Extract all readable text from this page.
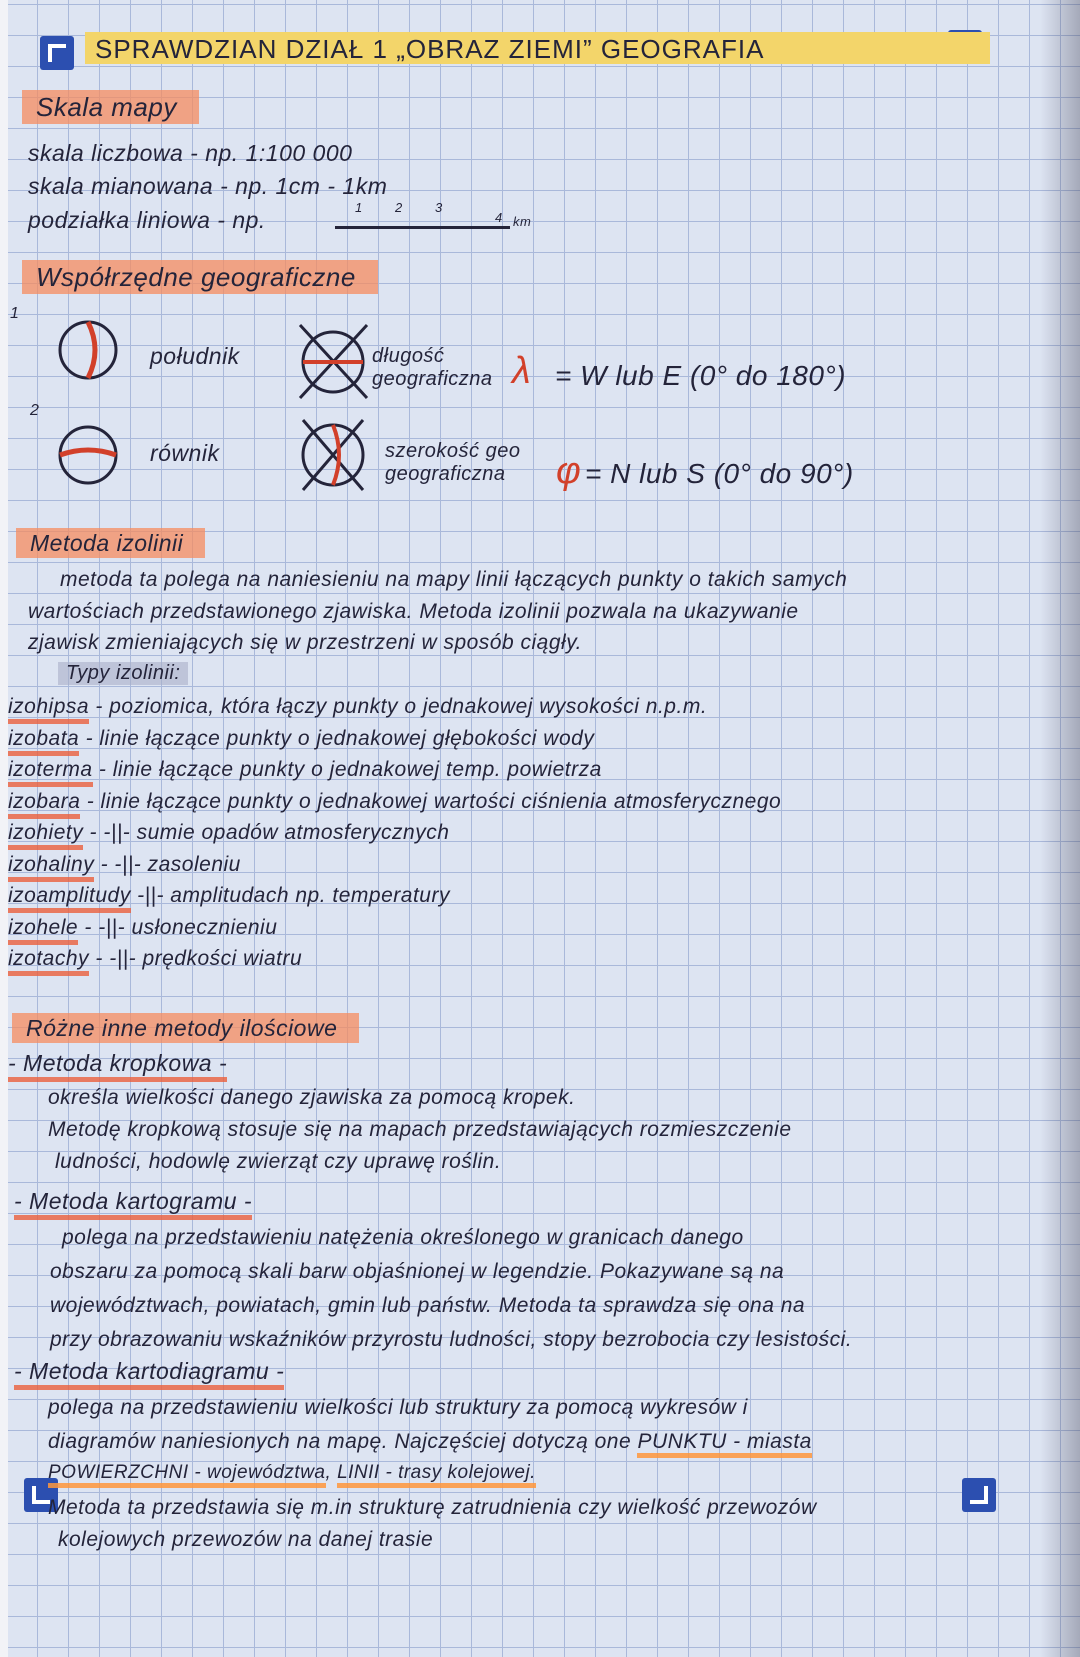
SPRAWDZIAN DZIAŁ 1 „OBRAZ ZIEMI” GEOGRAFIA
Skala mapy
skala liczbowa - np. 1:100 000
skala mianowana - np. 1cm - 1km
podziałka liniowa - np.	1 2 3
4 km
Współrzędne geograficzne
1
2
południk
równik
długość geograficzna λ = W lub E (0° do 180°)
szerokość geo geograficzna	φ = N lub S (0° do 90°)
Metoda izolinii
metoda ta polega na naniesieniu na mapy linii łączących punkty o takich samych
wartościach przedstawionego zjawiska. Metoda izolinii pozwala na ukazywanie
zjawisk zmieniających się w przestrzeni w sposób ciągły.
Typy izolinii:
izohipsa - poziomica, która łączy punkty o jednakowej wysokości n.p.m.
izobata - linie łączące punkty o jednakowej głębokości wody
izoterma - linie łączące punkty o jednakowej temp. powietrza
izobara - linie łączące punkty o jednakowej wartości ciśnienia atmosferycznego
izohiety - -||- sumie opadów atmosferycznych
izohaliny - -||- zasoleniu
izoamplitudy -||- amplitudach np. temperatury
izohele - -||- usłonecznieniu
izotachy - -||- prędkości wiatru
Różne inne metody ilościowe
- Metoda kropkowa -
określa wielkości danego zjawiska za pomocą kropek.
Metodę kropkową stosuje się na mapach przedstawiających rozmieszczenie
ludności, hodowlę zwierząt czy uprawę roślin.
- Metoda kartogramu -
polega na przedstawieniu natężenia określonego w granicach danego
obszaru za pomocą skali barw objaśnionej w legendzie. Pokazywane są na
województwach, powiatach, gmin lub państw. Metoda ta sprawdza się ona na
przy obrazowaniu wskaźników przyrostu ludności, stopy bezrobocia czy lesistości.
- Metoda kartodiagramu -
polega na przedstawieniu wielkości lub struktury za pomocą wykresów i
diagramów naniesionych na mapę. Najczęściej dotyczą one PUNKTU - miasta
POWIERZCHNI - województwa, LINII - trasy kolejowej.
Metoda ta przedstawia się m.in strukturę zatrudnienia czy wielkość przewozów
kolejowych przewozów na danej trasie
